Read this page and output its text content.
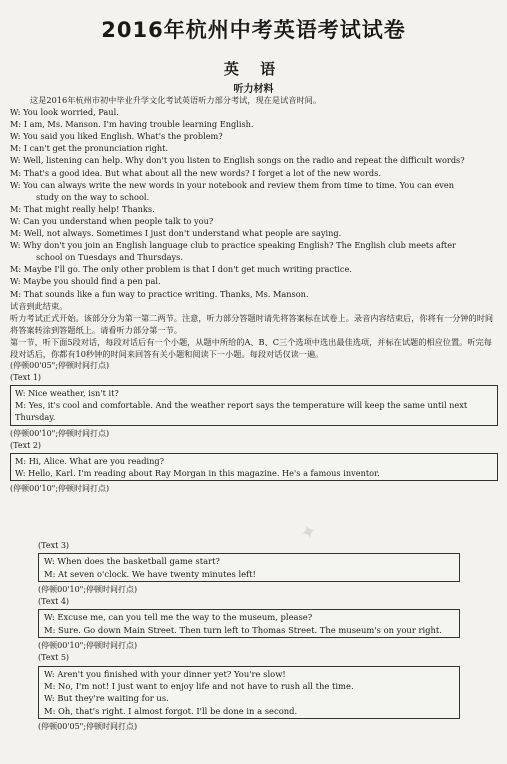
2016年杭州中考英语考试试卷
英 语
听力材料
这是2016年杭州市初中毕业升学文化考试英语听力部分考试，现在是试音时间。
W: You look worried, Paul.
M: I am, Ms. Manson. I'm having trouble learning English.
W: You said you liked English. What's the problem?
M: I can't get the pronunciation right.
W: Well, listening can help. Why don't you listen to English songs on the radio and repeat the difficult words?
M: That's a good idea. But what about all the new words? I forget a lot of the new words.
W: You can always write the new words in your notebook and review them from time to time. You can even
study on the way to school.
M: That might really help! Thanks.
W: Can you understand when people talk to you?
M: Well, not always. Sometimes I just don't understand what people are saying.
W: Why don't you join an English language club to practice speaking English? The English club meets after
school on Tuesdays and Thursdays.
M: Maybe I'll go. The only other problem is that I don't get much writing practice.
W: Maybe you should find a pen pal.
M: That sounds like a fun way to practice writing. Thanks, Ms. Manson.
试音到此结束。
听力考试正式开始。该部分分为第一第二两节。注意，听力部分答题时请先将答案标在试卷上。录音内容结束后，你将有一分钟的时间将答案转涂到答题纸上。请看听力部分第一节。
第一节，听下面5段对话，每段对话后有一个小题，从题中所给的A、B、C三个选项中选出最佳选项，并标在试题的相应位置。听完每段对话后，你都有10秒钟的时间来回答有关小题和阅读下一小题。每段对话仅读一遍。
(停顿00'05";停顿时间打点)
(Text 1)
W: Nice weather, isn't it?
M: Yes, it's cool and comfortable. And the weather report says the temperature will keep the same until next Thursday.
(停顿00'10";停顿时间打点)
(Text 2)
M: Hi, Alice. What are you reading?
W: Hello, Karl. I'm reading about Ray Morgan in this magazine. He's a famous inventor.
(停顿00'10";停顿时间打点)
(Text 3)
W: When does the basketball game start?
M: At seven o'clock. We have twenty minutes left!
(停顿00'10";停顿时间打点)
(Text 4)
W: Excuse me, can you tell me the way to the museum, please?
M: Sure. Go down Main Street. Then turn left to Thomas Street. The museum's on your right.
(停顿00'10";停顿时间打点)
(Text 5)
W: Aren't you finished with your dinner yet? You're slow!
M: No, I'm not! I just want to enjoy life and not have to rush all the time.
W: But they're waiting for us.
M: Oh, that's right. I almost forgot. I'll be done in a second.
(停顿00'05";停顿时间打点)
✦
